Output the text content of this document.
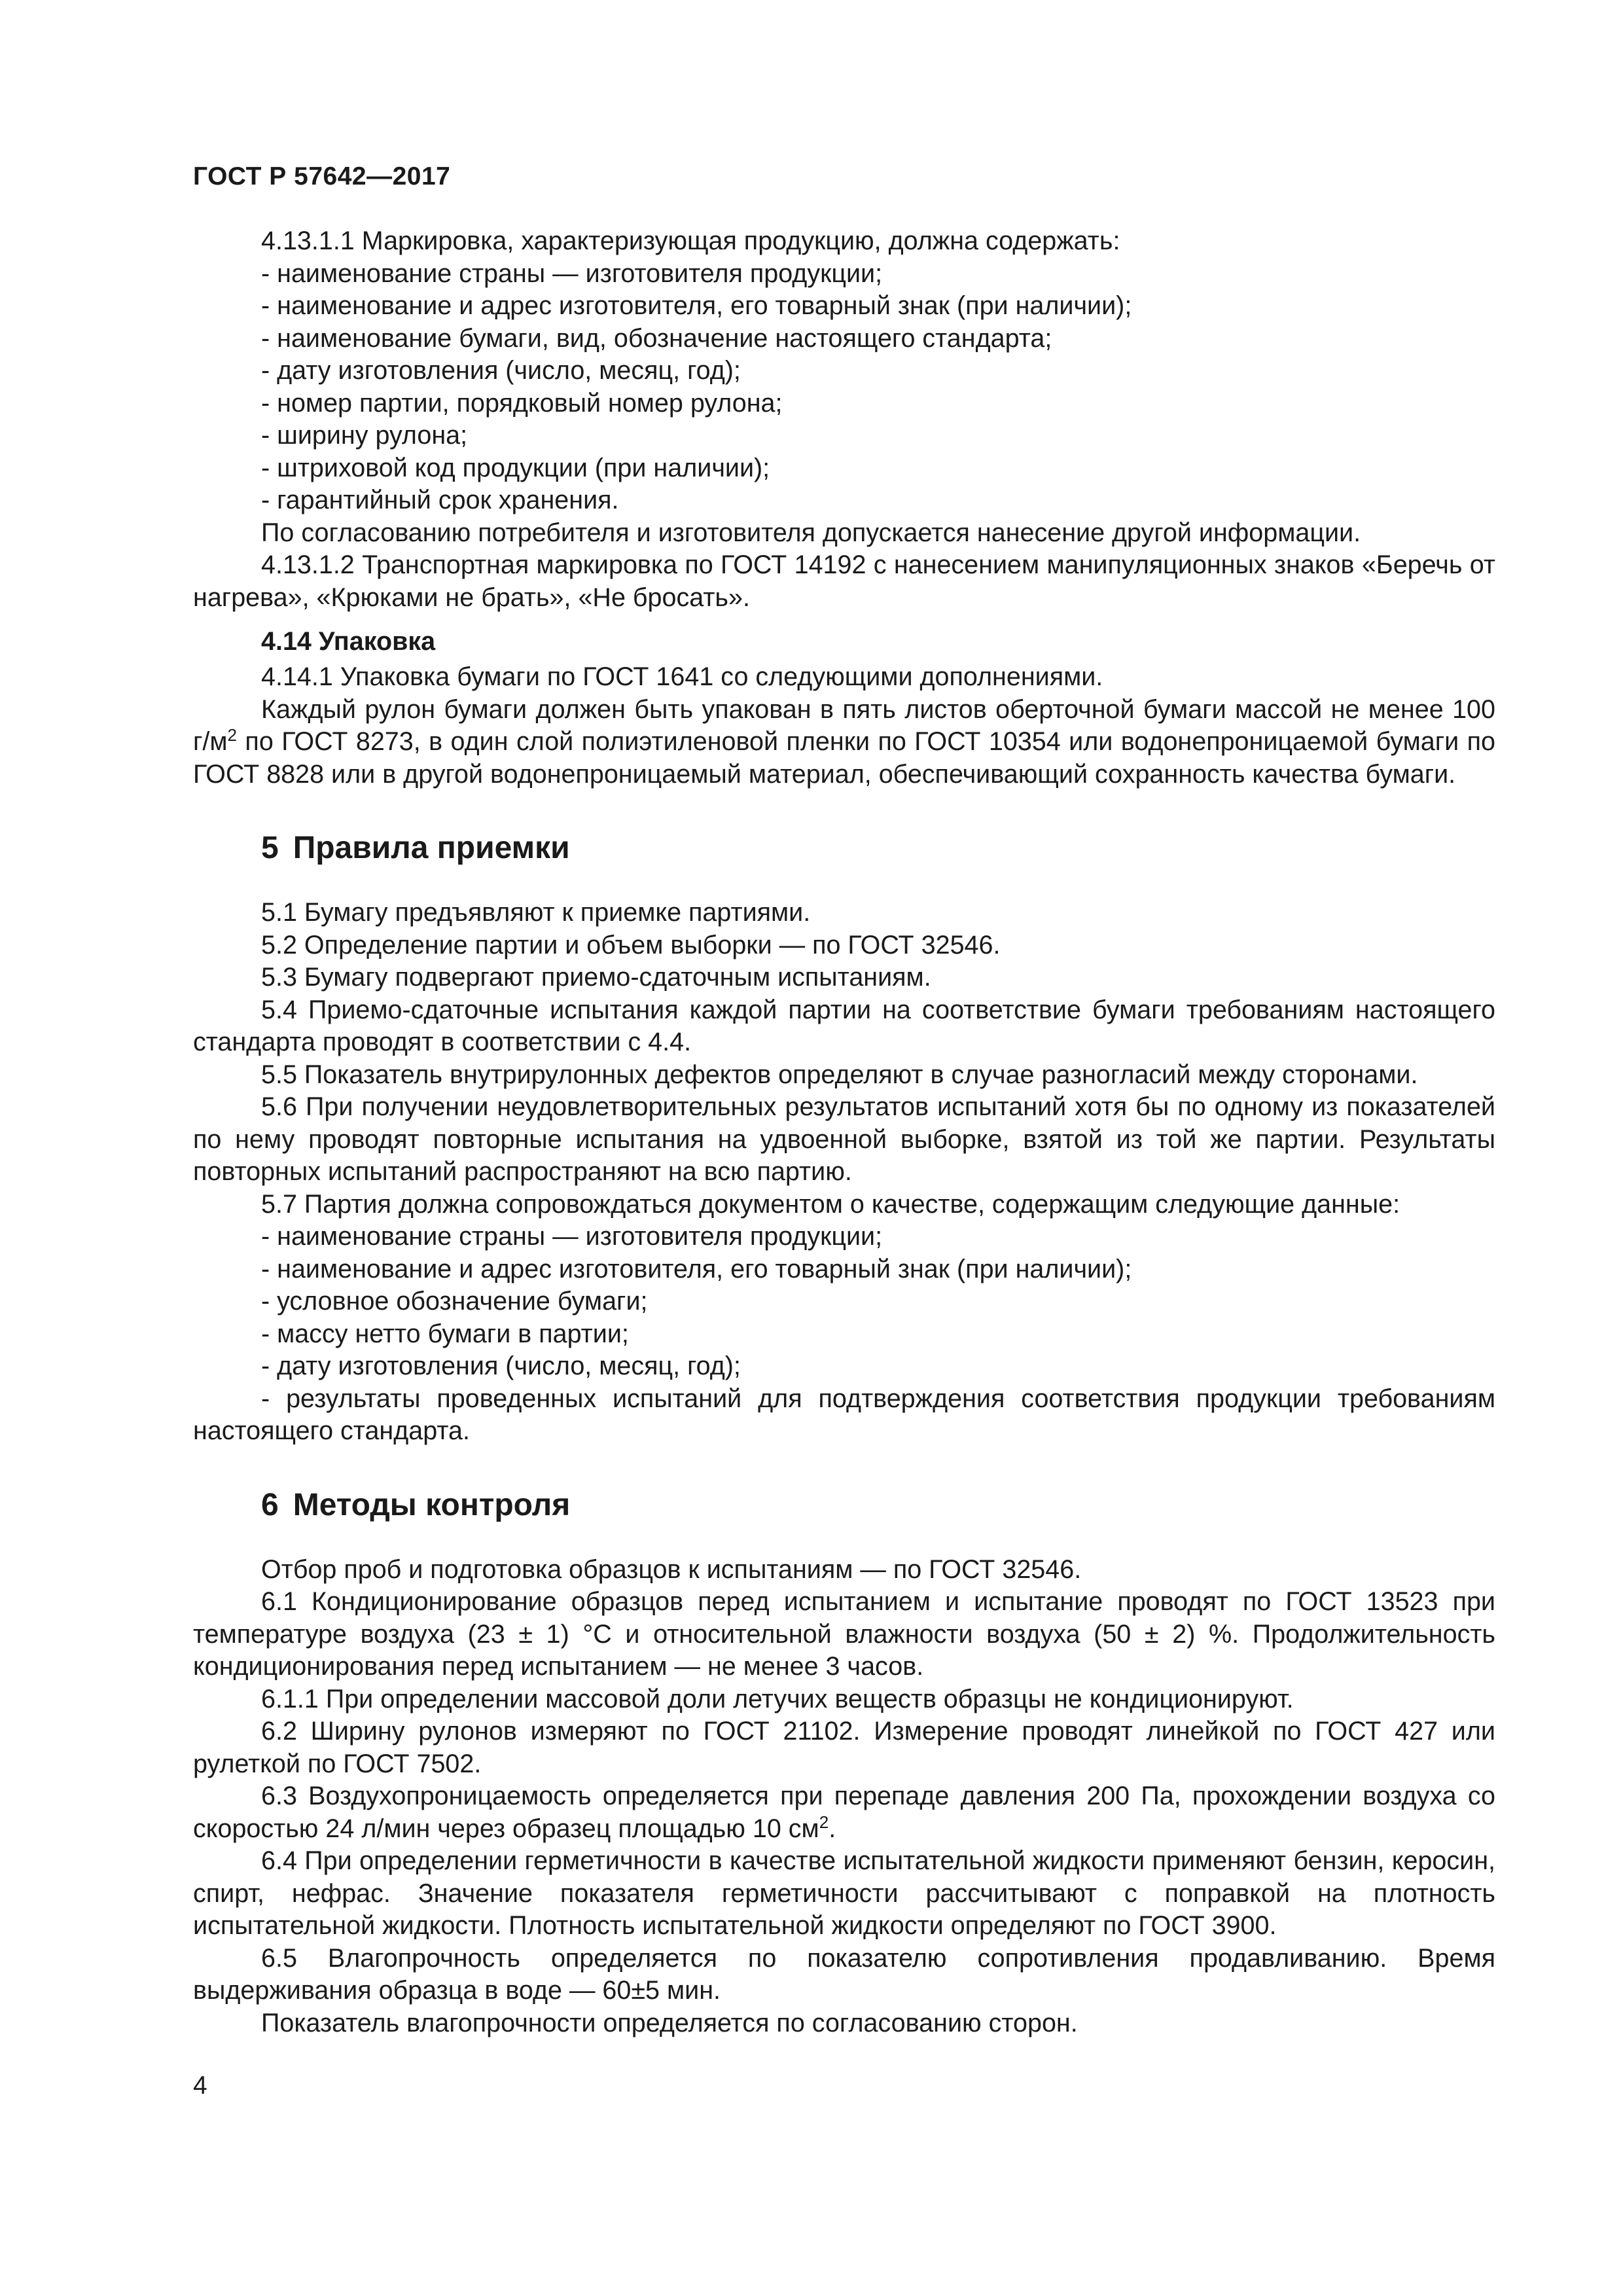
ГОСТ Р 57642—2017

4.13.1.1 Маркировка, характеризующая продукцию, должна содержать:

- наименование страны — изготовителя продукции;

- наименование и адрес изготовителя, его товарный знак (при наличии);

- наименование бумаги, вид, обозначение настоящего стандарта;

- дату изготовления (число, месяц, год);

- номер партии, порядковый номер рулона;

- ширину рулона;

- штриховой код продукции (при наличии);

- гарантийный срок хранения.

По согласованию потребителя и изготовителя допускается нанесение другой информации.

4.13.1.2 Транспортная маркировка по ГОСТ 14192 с нанесением манипуляционных знаков «Беречь от нагрева», «Крюками не брать», «Не бросать».

4.14 Упаковка

4.14.1 Упаковка бумаги по ГОСТ 1641 со следующими дополнениями.

Каждый рулон бумаги должен быть упакован в пять листов оберточной бумаги массой не менее 100 $г/м^2$ по ГОСТ 8273, в один слой полиэтиленовой пленки по ГОСТ 10354 или водонепроницаемой бумаги по ГОСТ 8828 или в другой водонепроницаемый материал, обеспечивающий сохранность качества бумаги.

5 Правила приемки

5.1 Бумагу предъявляют к приемке партиями.

5.2 Определение партии и объем выборки — по ГОСТ 32546.

5.3 Бумагу подвергают приемо-сдаточным испытаниям.

5.4 Приемо-сдаточные испытания каждой партии на соответствие бумаги требованиям настоящего стандарта проводят в соответствии с 4.4.

5.5 Показатель внутрирулонных дефектов определяют в случае разногласий между сторонами.

5.6 При получении неудовлетворительных результатов испытаний хотя бы по одному из показателей по нему проводят повторные испытания на удвоенной выборке, взятой из той же партии. Результаты повторных испытаний распространяют на всю партию.

5.7 Партия должна сопровождаться документом о качестве, содержащим следующие данные:

- наименование страны — изготовителя продукции;

- наименование и адрес изготовителя, его товарный знак (при наличии);

- условное обозначение бумаги;

- массу нетто бумаги в партии;

- дату изготовления (число, месяц, год);

- результаты проведенных испытаний для подтверждения соответствия продукции требованиям настоящего стандарта.

6 Методы контроля

Отбор проб и подготовка образцов к испытаниям — по ГОСТ 32546.

6.1 Кондиционирование образцов перед испытанием и испытание проводят по ГОСТ 13523 при температуре воздуха (23 ± 1) °С и относительной влажности воздуха (50 ± 2) %. Продолжительность кондиционирования перед испытанием — не менее 3 часов.

6.1.1 При определении массовой доли летучих веществ образцы не кондиционируют.

6.2 Ширину рулонов измеряют по ГОСТ 21102. Измерение проводят линейкой по ГОСТ 427 или рулеткой по ГОСТ 7502.

6.3 Воздухопроницаемость определяется при перепаде давления 200 Па, прохождении воздуха со скоростью 24 л/мин через образец площадью 10 $см^2$.

6.4 При определении герметичности в качестве испытательной жидкости применяют бензин, керосин, спирт, нефрас. Значение показателя герметичности рассчитывают с поправкой на плотность испытательной жидкости. Плотность испытательной жидкости определяют по ГОСТ 3900.

6.5 Влагопрочность определяется по показателю сопротивления продавливанию. Время выдерживания образца в воде — 60±5 мин.

Показатель влагопрочности определяется по согласованию сторон.

4
